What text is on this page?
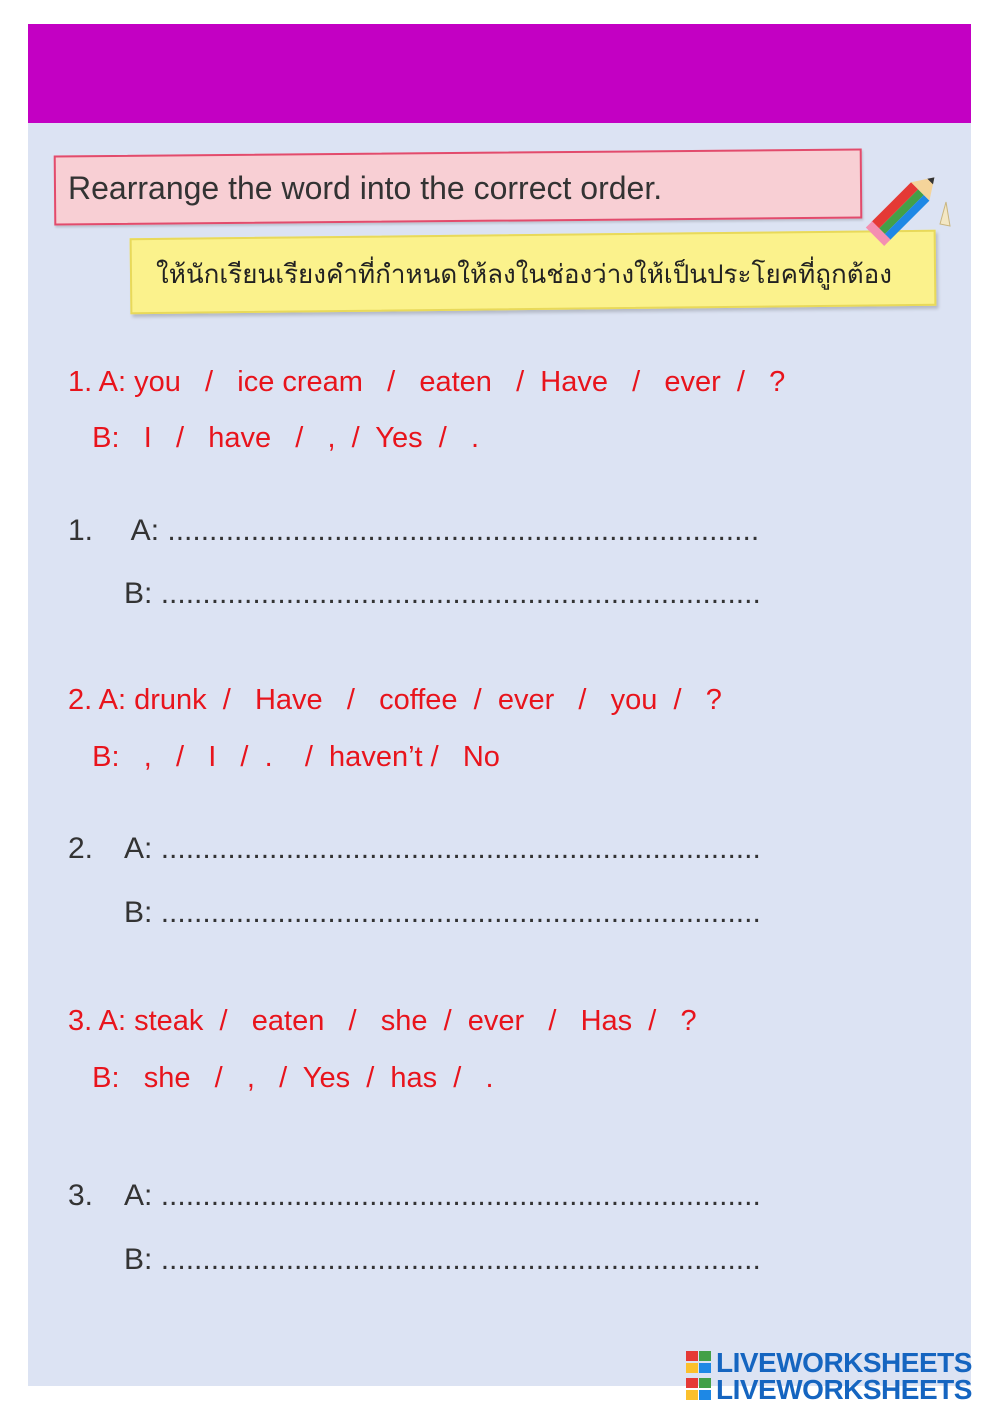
Rearrange the word into the correct order.
ให้นักเรียนเรียงคำที่กำหนดให้ลงในช่องว่างให้เป็นประโยคที่ถูกต้อง
1. A: you   /   ice cream   /   eaten   /  Have   /   ever  /   ?
B:   I   /   have   /   ,  /  Yes  /   .
1. A: .......................................................................
B: ........................................................................
2. A: drunk  /   Have   /   coffee  /  ever   /   you  /   ?
B:   ,   /   I   /  .    /  haven’t /   No
2. A: ........................................................................
B: ........................................................................
3. A: steak  /   eaten   /   she  /  ever   /   Has  /   ?
B:   she   /   ,   /  Yes  /  has  /   .
3. A: ........................................................................
B: ........................................................................
LIVEWORKSHEETS
LIVEWORKSHEETS
